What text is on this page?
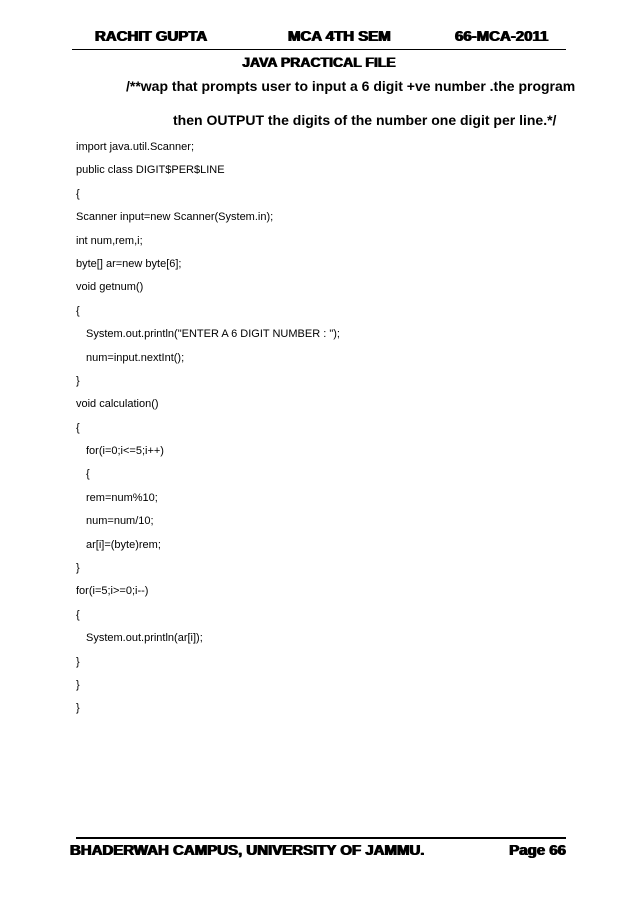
RACHIT GUPTA	MCA 4TH SEM	66-MCA-2011
JAVA PRACTICAL FILE
/**wap that prompts user to input a 6 digit +ve number .the program
then OUTPUT the digits of the number one digit per line.*/
import java.util.Scanner;
public class DIGIT$PER$LINE
{
Scanner input=new Scanner(System.in);
int num,rem,i;
byte[] ar=new byte[6];
void getnum()
{
System.out.println("ENTER A 6 DIGIT NUMBER : ");
num=input.nextInt();
}
void calculation()
{
for(i=0;i<=5;i++)
{
rem=num%10;
num=num/10;
ar[i]=(byte)rem;
}
for(i=5;i>=0;i--)
{
System.out.println(ar[i]);
}
}
}
BHADERWAH CAMPUS, UNIVERSITY OF JAMMU.	Page 66
